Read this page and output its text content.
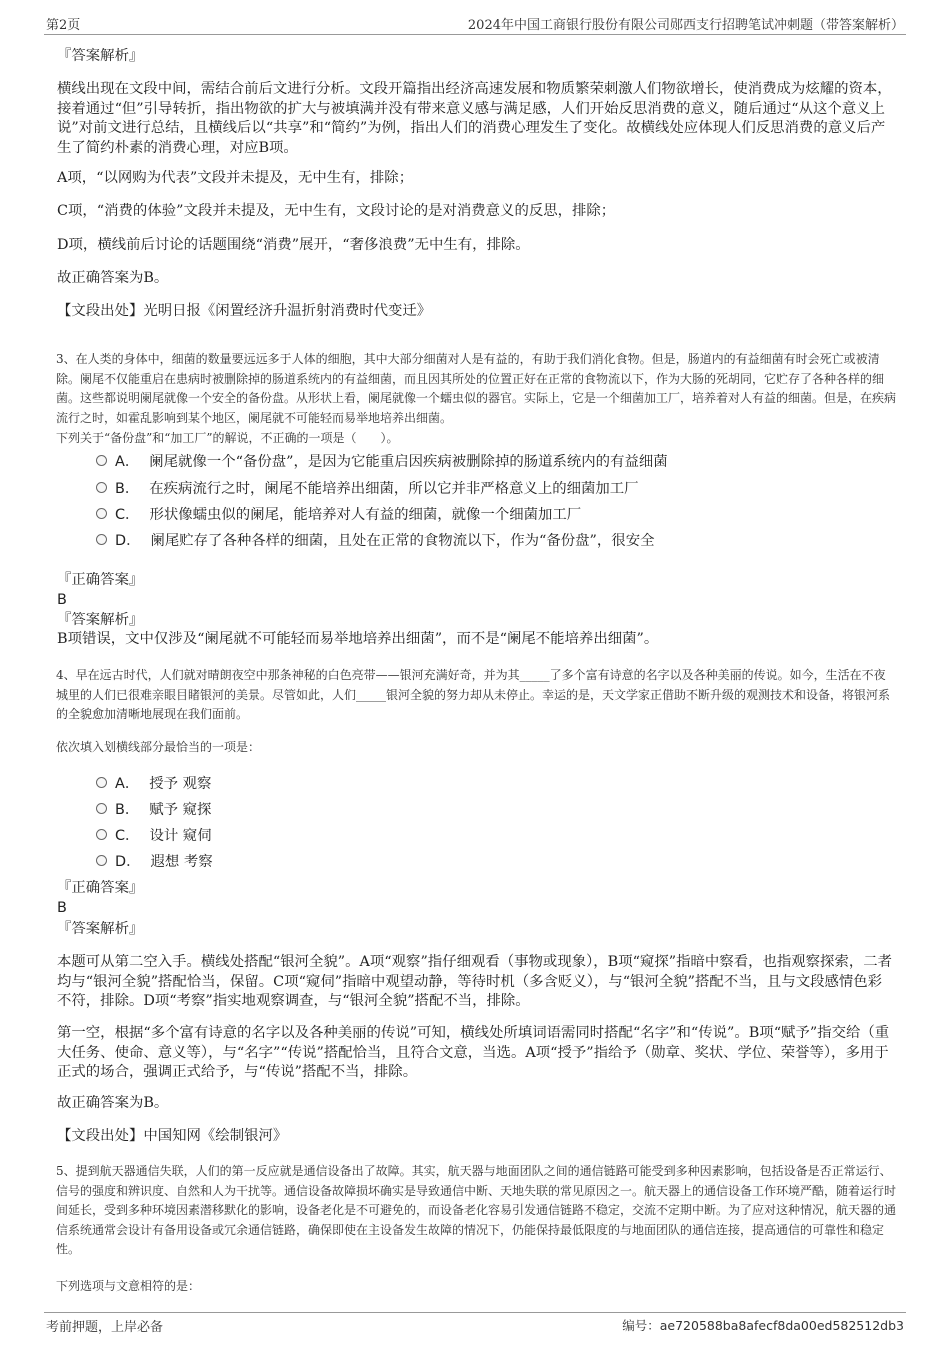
第2页	2024年中国工商银行股份有限公司郧西支行招聘笔试冲刺题（带答案解析）

『答案解析』

横线出现在文段中间，需结合前后文进行分析。文段开篇指出经济高速发展和物质繁荣刺激人们物欲增长，使消费成为炫耀的资本，接着通过“但”引导转折，指出物欲的扩大与被填满并没有带来意义感与满足感，人们开始反思消费的意义，随后通过“从这个意义上说”对前文进行总结，且横线后以“共享”和“简约”为例，指出人们的消费心理发生了变化。故横线处应体现人们反思消费的意义后产生了简约朴素的消费心理，对应B项。

A项，“以网购为代表”文段并未提及，无中生有，排除；

C项，“消费的体验”文段并未提及，无中生有，文段讨论的是对消费意义的反思，排除；

D项，横线前后讨论的话题围绕“消费”展开，“奢侈浪费”无中生有，排除。

故正确答案为B。

【文段出处】光明日报《闲置经济升温折射消费时代变迁》

3、在人类的身体中，细菌的数量要远远多于人体的细胞，其中大部分细菌对人是有益的，有助于我们消化食物。但是，肠道内的有益细菌有时会死亡或被清除。阑尾不仅能重启在患病时被删除掉的肠道系统内的有益细菌，而且因其所处的位置正好在正常的食物流以下，作为大肠的死胡同，它贮存了各种各样的细菌。这些都说明阑尾就像一个安全的备份盘。从形状上看，阑尾就像一个蠕虫似的器官。实际上，它是一个细菌加工厂，培养着对人有益的细菌。但是，在疾病流行之时，如霍乱影响到某个地区，阑尾就不可能轻而易举地培养出细菌。

下列关于“备份盘”和“加工厂”的解说，不正确的一项是（　　）。

A． 阑尾就像一个“备份盘”，是因为它能重启因疾病被删除掉的肠道系统内的有益细菌
B． 在疾病流行之时，阑尾不能培养出细菌，所以它并非严格意义上的细菌加工厂
C． 形状像蠕虫似的阑尾，能培养对人有益的细菌，就像一个细菌加工厂
D． 阑尾贮存了各种各样的细菌，且处在正常的食物流以下，作为“备份盘”，很安全

『正确答案』

B

『答案解析』

B项错误，文中仅涉及“阑尾就不可能轻而易举地培养出细菌”，而不是“阑尾不能培养出细菌”。

4、早在远古时代，人们就对晴朗夜空中那条神秘的白色亮带——银河充满好奇，并为其_____了多个富有诗意的名字以及各种美丽的传说。如今，生活在不夜城里的人们已很难亲眼目睹银河的美景。尽管如此，人们_____银河全貌的努力却从未停止。幸运的是，天文学家正借助不断升级的观测技术和设备，将银河系的全貌愈加清晰地展现在我们面前。

依次填入划横线部分最恰当的一项是：

A． 授予 观察
B． 赋予 窥探
C． 设计 窥伺
D． 遐想 考察

『正确答案』

B

『答案解析』

本题可从第二空入手。横线处搭配“银河全貌”。A项“观察”指仔细观看（事物或现象），B项“窥探”指暗中察看，也指观察探索，二者均与“银河全貌”搭配恰当，保留。C项“窥伺”指暗中观望动静，等待时机（多含贬义），与“银河全貌”搭配不当，且与文段感情色彩不符，排除。D项“考察”指实地观察调查，与“银河全貌”搭配不当，排除。

第一空，根据“多个富有诗意的名字以及各种美丽的传说”可知，横线处所填词语需同时搭配“名字”和“传说”。B项“赋予”指交给（重大任务、使命、意义等），与“名字”“传说”搭配恰当，且符合文意，当选。A项“授予”指给予（勋章、奖状、学位、荣誉等），多用于正式的场合，强调正式给予，与“传说”搭配不当，排除。

故正确答案为B。

【文段出处】中国知网《绘制银河》

5、提到航天器通信失联，人们的第一反应就是通信设备出了故障。其实，航天器与地面团队之间的通信链路可能受到多种因素影响，包括设备是否正常运行、信号的强度和辨识度、自然和人为干扰等。通信设备故障损坏确实是导致通信中断、天地失联的常见原因之一。航天器上的通信设备工作环境严酷，随着运行时间延长，受到多种环境因素潜移默化的影响，设备老化是不可避免的，而设备老化容易引发通信链路不稳定，交流不定期中断。为了应对这种情况，航天器的通信系统通常会设计有备用设备或冗余通信链路，确保即使在主设备发生故障的情况下，仍能保持最低限度的与地面团队的通信连接，提高通信的可靠性和稳定性。

下列选项与文意相符的是：

考前押题，上岸必备	编号：ae720588ba8afecf8da00ed582512db3
